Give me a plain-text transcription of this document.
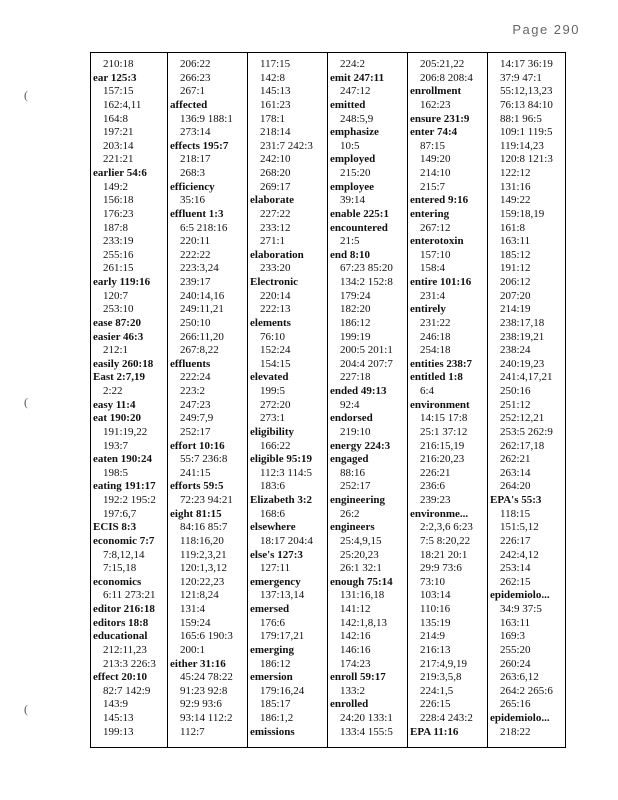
Page 290
(
(
(
210:18
ear 125:3
157:15
162:4,11
164:8
197:21
203:14
221:21
earlier 54:6
149:2
156:18
176:23
187:8
233:19
255:16
261:15
early 119:16
120:7
253:10
ease 87:20
easier 46:3
212:1
easily 260:18
East 2:7,19
2:22
easy 11:4
eat 190:20
191:19,22
193:7
eaten 190:24
198:5
eating 191:17
192:2 195:2
197:6,7
ECIS 8:3
economic 7:7
7:8,12,14
7:15,18
economics
6:11 273:21
editor 216:18
editors 18:8
educational
212:11,23
213:3 226:3
effect 20:10
82:7 142:9
143:9
145:13
199:13
206:22
266:23
267:1
affected
136:9 188:1
273:14
effects 195:7
218:17
268:3
efficiency
35:16
effluent 1:3
6:5 218:16
220:11
222:22
223:3,24
239:17
240:14,16
249:11,21
250:10
266:11,20
267:8,22
effluents
222:24
223:2
247:23
249:7,9
252:17
effort 10:16
55:7 236:8
241:15
efforts 59:5
72:23 94:21
eight 81:15
84:16 85:7
118:16,20
119:2,3,21
120:1,3,12
120:22,23
121:8,24
131:4
159:24
165:6 190:3
200:1
either 31:16
45:24 78:22
91:23 92:8
92:9 93:6
93:14 112:2
112:7
117:15
142:8
145:13
161:23
178:1
218:14
231:7 242:3
242:10
268:20
269:17
elaborate
227:22
233:12
271:1
elaboration
233:20
Electronic
220:14
222:13
elements
76:10
152:24
154:15
elevated
199:5
272:20
273:1
eligibility
166:22
eligible 95:19
112:3 114:5
183:6
Elizabeth 3:2
168:6
elsewhere
18:17 204:4
else's 127:3
127:11
emergency
137:13,14
emersed
176:6
179:17,21
emerging
186:12
emersion
179:16,24
185:17
186:1,2
emissions
224:2
emit 247:11
247:12
emitted
248:5,9
emphasize
10:5
employed
215:20
employee
39:14
enable 225:1
encountered
21:5
end 8:10
67:23 85:20
134:2 152:8
179:24
182:20
186:12
199:19
200:5 201:1
204:4 207:7
227:18
ended 49:13
92:4
endorsed
219:10
energy 224:3
engaged
88:16
252:17
engineering
26:2
engineers
25:4,9,15
25:20,23
26:1 32:1
enough 75:14
131:16,18
141:12
142:1,8,13
142:16
146:16
174:23
enroll 59:17
133:2
enrolled
24:20 133:1
133:4 155:5
205:21,22
206:8 208:4
enrollment
162:23
ensure 231:9
enter 74:4
87:15
149:20
214:10
215:7
entered 9:16
entering
267:12
enterotoxin
157:10
158:4
entire 101:16
231:4
entirely
231:22
246:18
254:18
entities 238:7
entitled 1:8
6:4
environment
14:15 17:8
25:1 37:12
216:15,19
216:20,23
226:21
236:6
239:23
environme...
2:2,3,6 6:23
7:5 8:20,22
18:21 20:1
29:9 73:6
73:10
103:14
110:16
135:19
214:9
216:13
217:4,9,19
219:3,5,8
224:1,5
226:15
228:4 243:2
EPA 11:16
14:17 36:19
37:9 47:1
55:12,13,23
76:13 84:10
88:1 96:5
109:1 119:5
119:14,23
120:8 121:3
122:12
131:16
149:22
159:18,19
161:8
163:11
185:12
191:12
206:12
207:20
214:19
238:17,18
238:19,21
238:24
240:19,23
241:4,17,21
250:16
251:12
252:12,21
253:5 262:9
262:17,18
262:21
263:14
264:20
EPA's 55:3
118:15
151:5,12
226:17
242:4,12
253:14
262:15
epidemiolo...
34:9 37:5
163:11
169:3
255:20
260:24
263:6,12
264:2 265:6
265:16
epidemiolo...
218:22
